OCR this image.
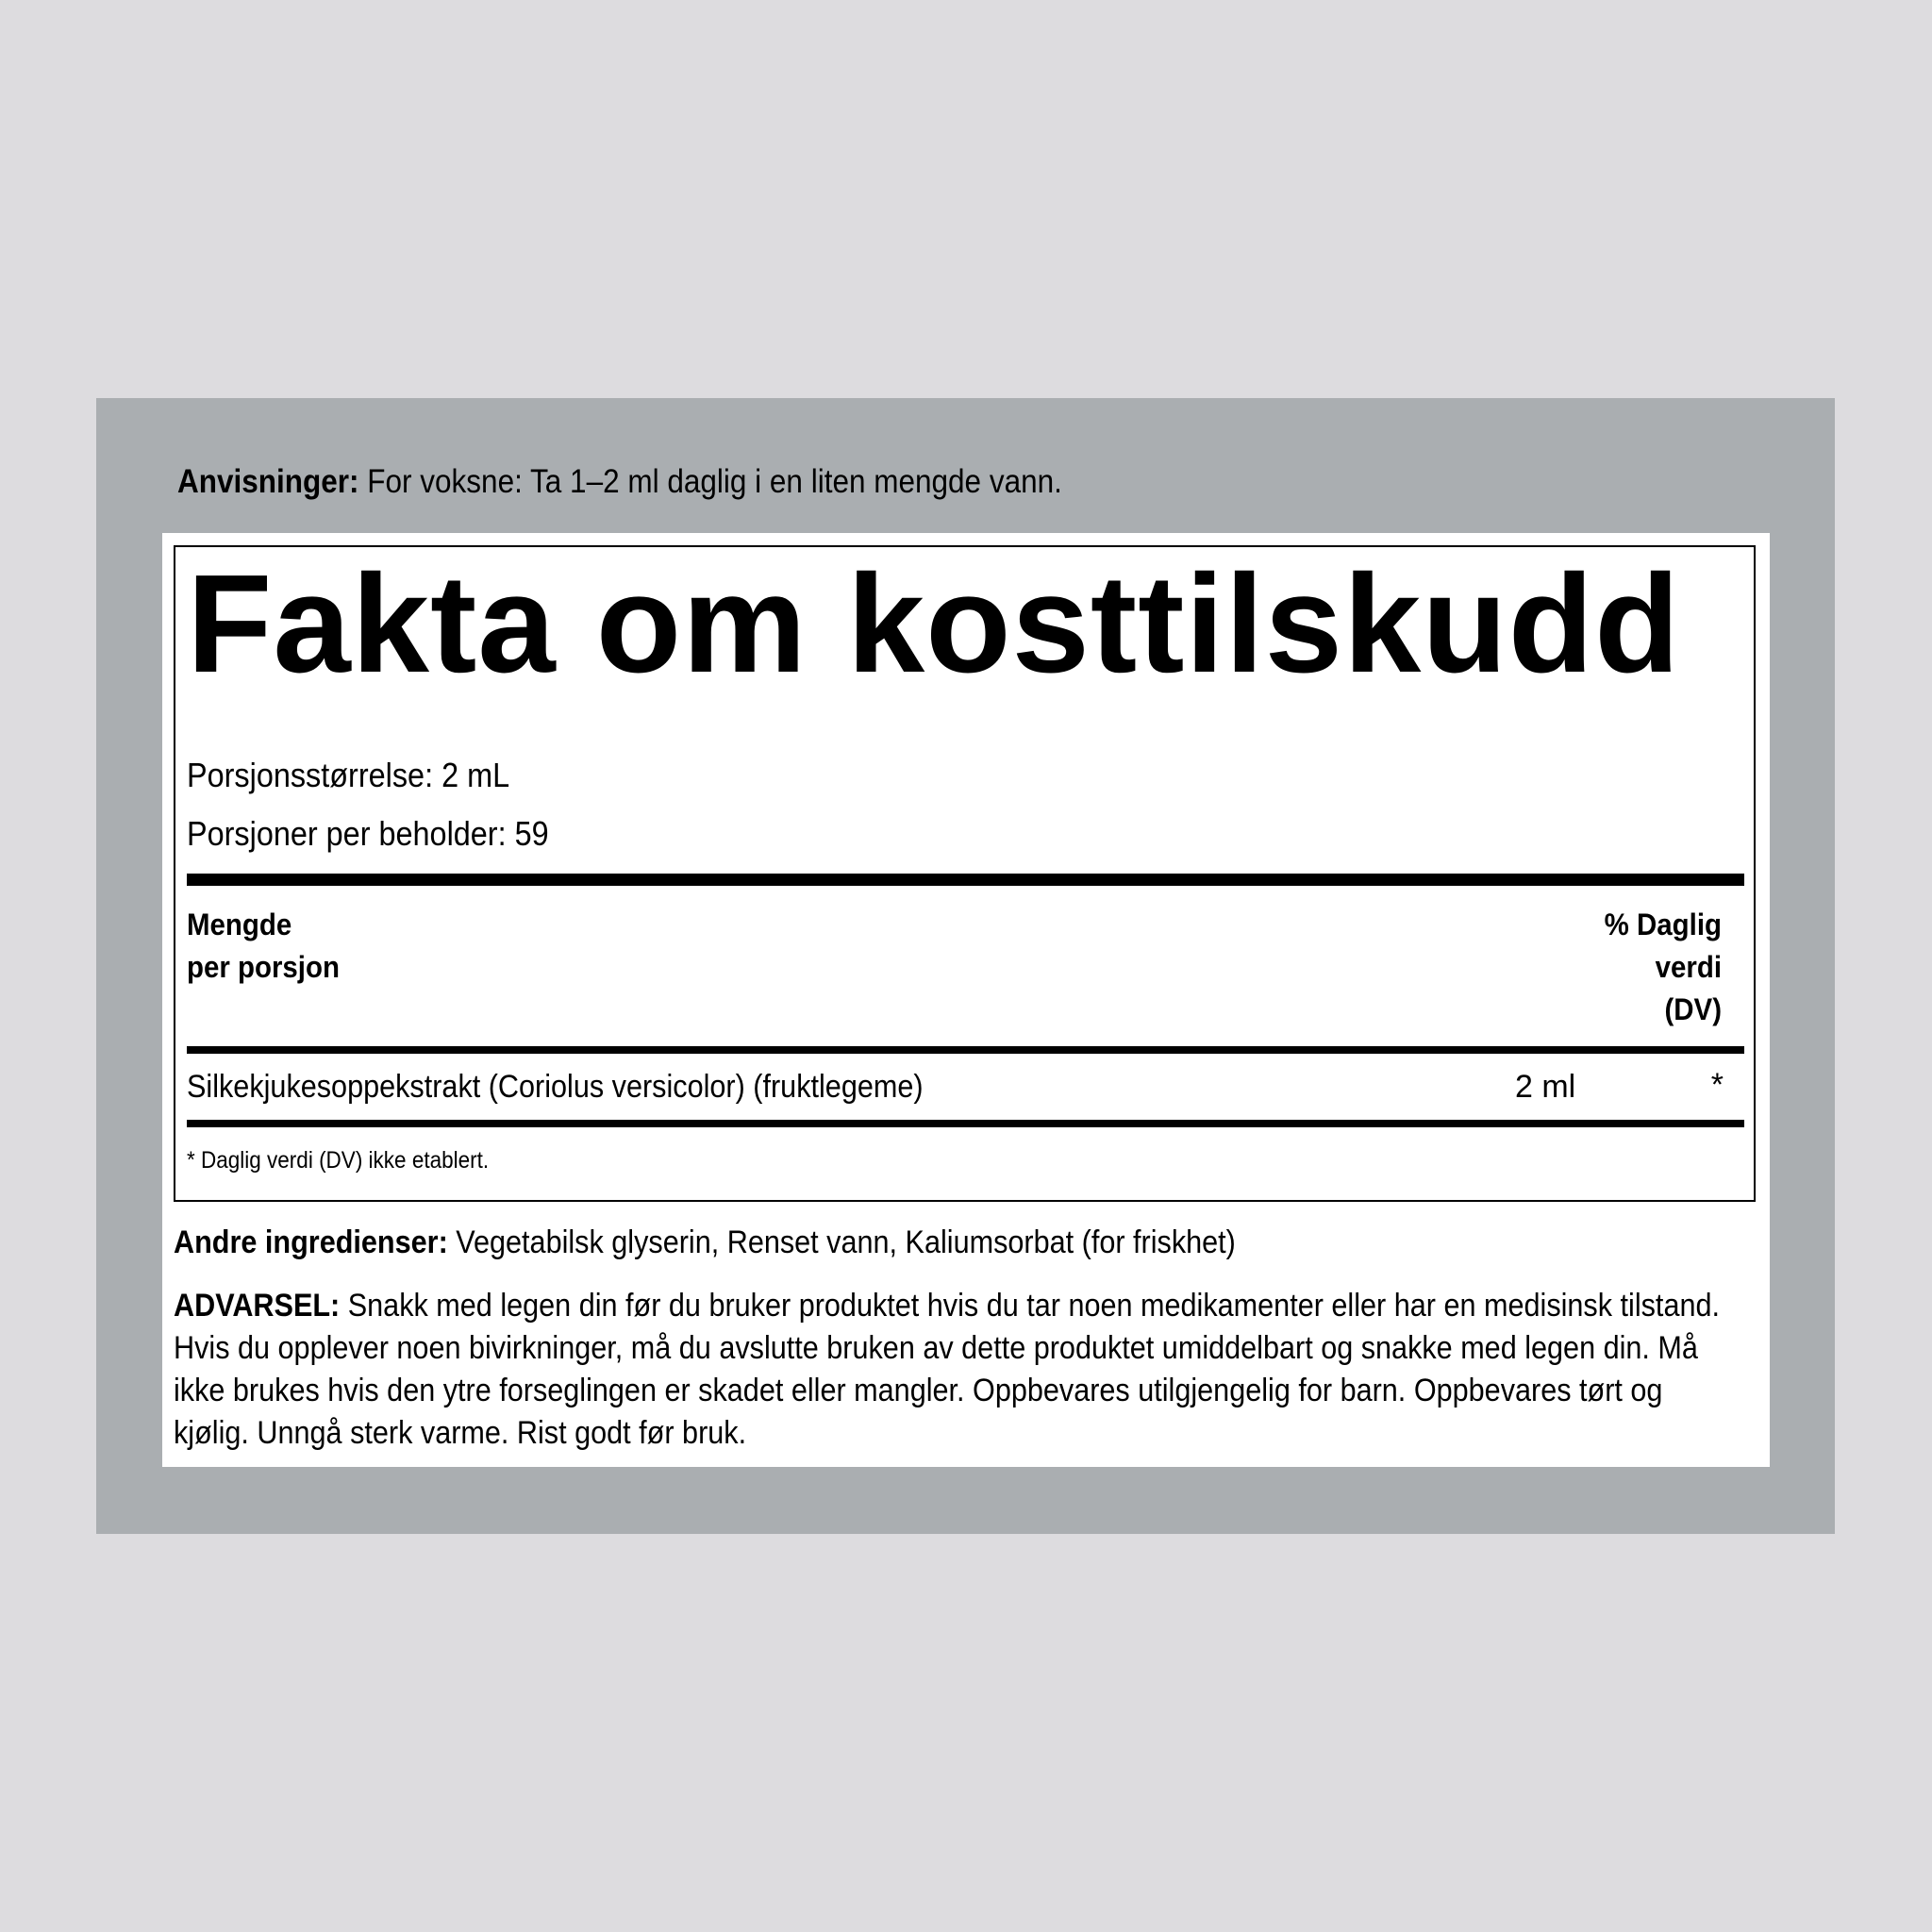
Anvisninger: For voksne: Ta 1–2 ml daglig i en liten mengde vann.
Fakta om kosttilskudd
Porsjonsstørrelse: 2 mL
Porsjoner per beholder: 59
Mengde
per porsjon
% Daglig
verdi
(DV)
Silkekjukesoppekstrakt (Coriolus versicolor) (fruktlegeme)	2 ml	*
* Daglig verdi (DV) ikke etablert.
Andre ingredienser: Vegetabilsk glyserin, Renset vann, Kaliumsorbat (for friskhet)
ADVARSEL: Snakk med legen din før du bruker produktet hvis du tar noen medikamenter eller har en medisinsk tilstand.
Hvis du opplever noen bivirkninger, må du avslutte bruken av dette produktet umiddelbart og snakke med legen din. Må
ikke brukes hvis den ytre forseglingen er skadet eller mangler. Oppbevares utilgjengelig for barn. Oppbevares tørt og
kjølig. Unngå sterk varme. Rist godt før bruk.
